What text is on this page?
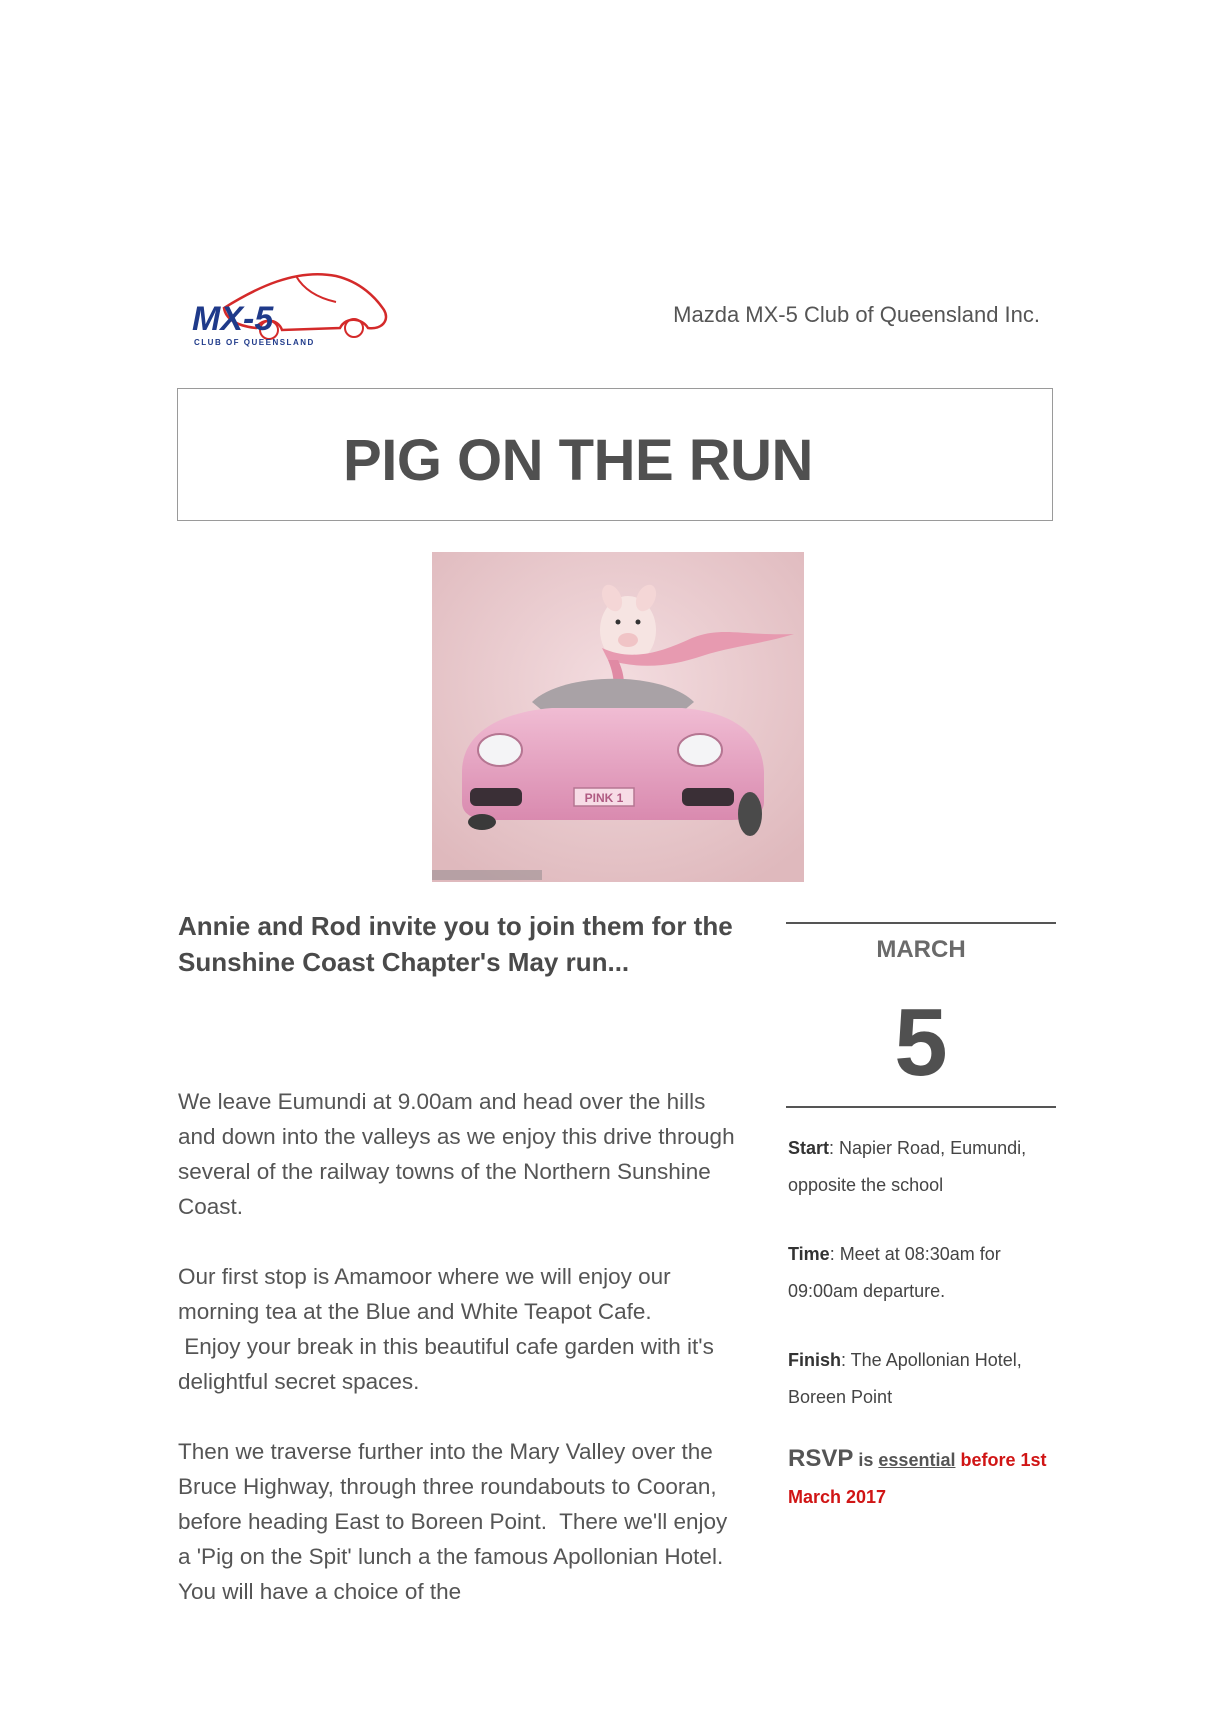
MX-5
CLUB OF QUEENSLAND
Mazda MX-5 Club of Queensland Inc.
PIG ON THE RUN
PINK 1
Annie and Rod invite you to join them for the Sunshine Coast Chapter's May run...

We leave Eumundi at 9.00am and head over the hills and down into the valleys as we enjoy this drive through several of the railway towns of the Northern Sunshine Coast.

Our first stop is Amamoor where we will enjoy our morning tea at the Blue and White Teapot Cafe.
Enjoy your break in this beautiful cafe garden with it's delightful secret spaces.

Then we traverse further into the Mary Valley over the Bruce Highway, through three roundabouts to Cooran, before heading East to Boreen Point.  There we'll enjoy a 'Pig on the Spit' lunch a the famous Apollonian Hotel.  You will have a choice of the

MARCH
5
Start: Napier Road, Eumundi, opposite the school
Time: Meet at 08:30am for 09:00am departure.
Finish: The Apollonian Hotel, Boreen Point
RSVP is essential before 1st March 2017
